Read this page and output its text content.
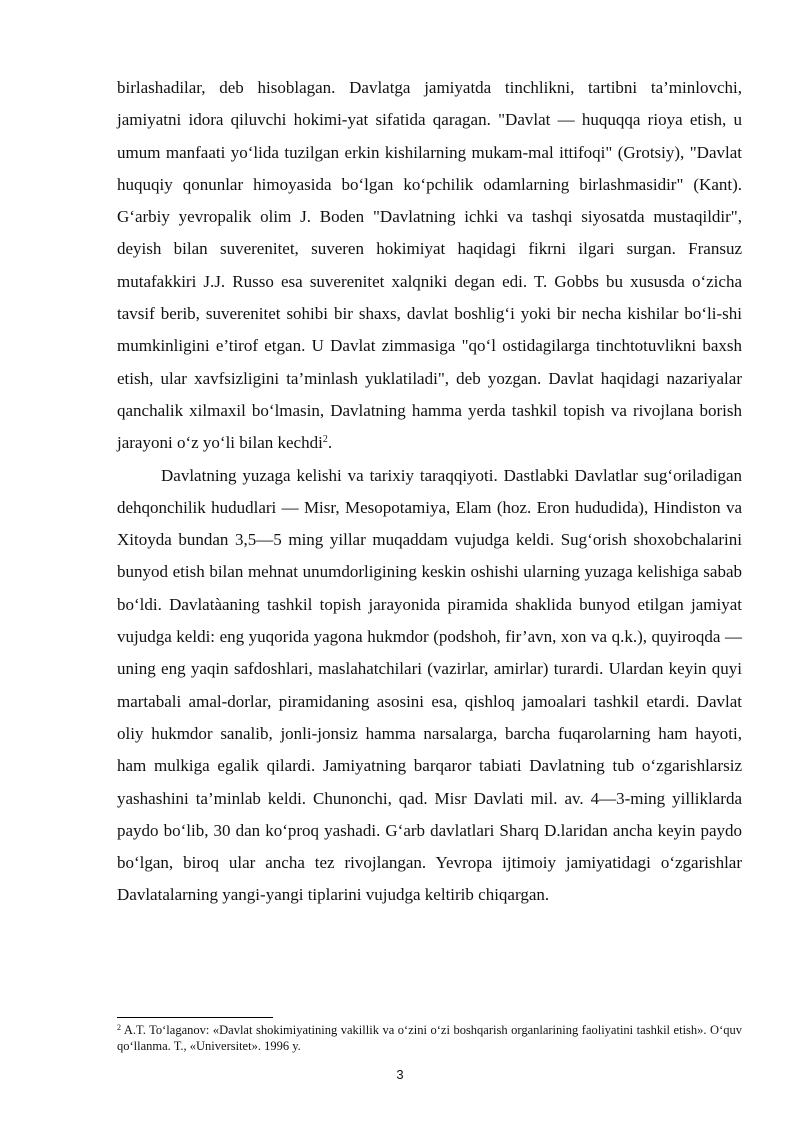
birlashadilar, deb hisoblagan. Davlatga jamiyatda tinchlikni, tartibni ta’minlovchi, jamiyatni idora qiluvchi hokimi-yat sifatida qaragan. "Davlat — huquqqa rioya etish, u umum manfaati yo‘lida tuzilgan erkin kishilarning mukam-mal ittifoqi" (Grotsiy), "Davlat huquqiy qonunlar himoyasida bo‘lgan ko‘pchilik odamlarning birlashmasidir" (Kant). G‘arbiy yevropalik olim J. Boden "Davlatning ichki va tashqi siyosatda mustaqildir", deyish bilan suverenitet, suveren hokimiyat haqidagi fikrni ilgari surgan. Fransuz mutafakkiri J.J. Russo esa suverenitet xalqniki degan edi. T. Gobbs bu xususda o‘zicha tavsif berib, suverenitet sohibi bir shaxs, davlat boshlig‘i yoki bir necha kishilar bo‘li-shi mumkinligini e’tirof etgan. U Davlat zimmasiga "qo‘l ostidagilarga tinchtotuvlikni baxsh etish, ular xavfsizligini ta’minlash yuklatiladi", deb yozgan. Davlat haqidagi nazariyalar qanchalik xilmaxil bo‘lmasin, Davlatning hamma yerda tashkil topish va rivojlana borish jarayoni o‘z yo‘li bilan kechdi$^2$.

Davlatning yuzaga kelishi va tarixiy taraqqiyoti. Dastlabki Davlatlar sug‘oriladigan dehqonchilik hududlari — Misr, Mesopotamiya, Elam (hoz. Eron hududida), Hindiston va Xitoyda bundan 3,5—5 ming yillar muqaddam vujudga keldi. Sug‘orish shoxobchalarini bunyod etish bilan mehnat unumdorligining keskin oshishi ularning yuzaga kelishiga sabab bo‘ldi. Davlatàaning tashkil topish jarayonida piramida shaklida bunyod etilgan jamiyat vujudga keldi: eng yuqorida yagona hukmdor (podshoh, fir’avn, xon va q.k.), quyiroqda — uning eng yaqin safdoshlari, maslahatchilari (vazirlar, amirlar) turardi. Ulardan keyin quyi martabali amal-dorlar, piramidaning asosini esa, qishloq jamoalari tashkil etardi. Davlat oliy hukmdor sanalib, jonli-jonsiz hamma narsalarga, barcha fuqarolarning ham hayoti, ham mulkiga egalik qilardi. Jamiyatning barqaror tabiati Davlatning tub o‘zgarishlarsiz yashashini ta’minlab keldi. Chunonchi, qad. Misr Davlati mil. av. 4—3-ming yilliklarda paydo bo‘lib, 30 dan ko‘proq yashadi. G‘arb davlatlari Sharq D.laridan ancha keyin paydo bo‘lgan, biroq ular ancha tez rivojlangan. Yevropa ijtimoiy jamiyatidagi o‘zgarishlar Davlatalarning yangi-yangi tiplarini vujudga keltirib chiqargan.

$^2$ A.T. To‘laganov: «Davlat shokimiyatining vakillik va o‘zini o‘zi boshqarish organlarining faoliyatini tashkil etish». O‘quv qo‘llanma. T., «Universitet». 1996 y.
3
